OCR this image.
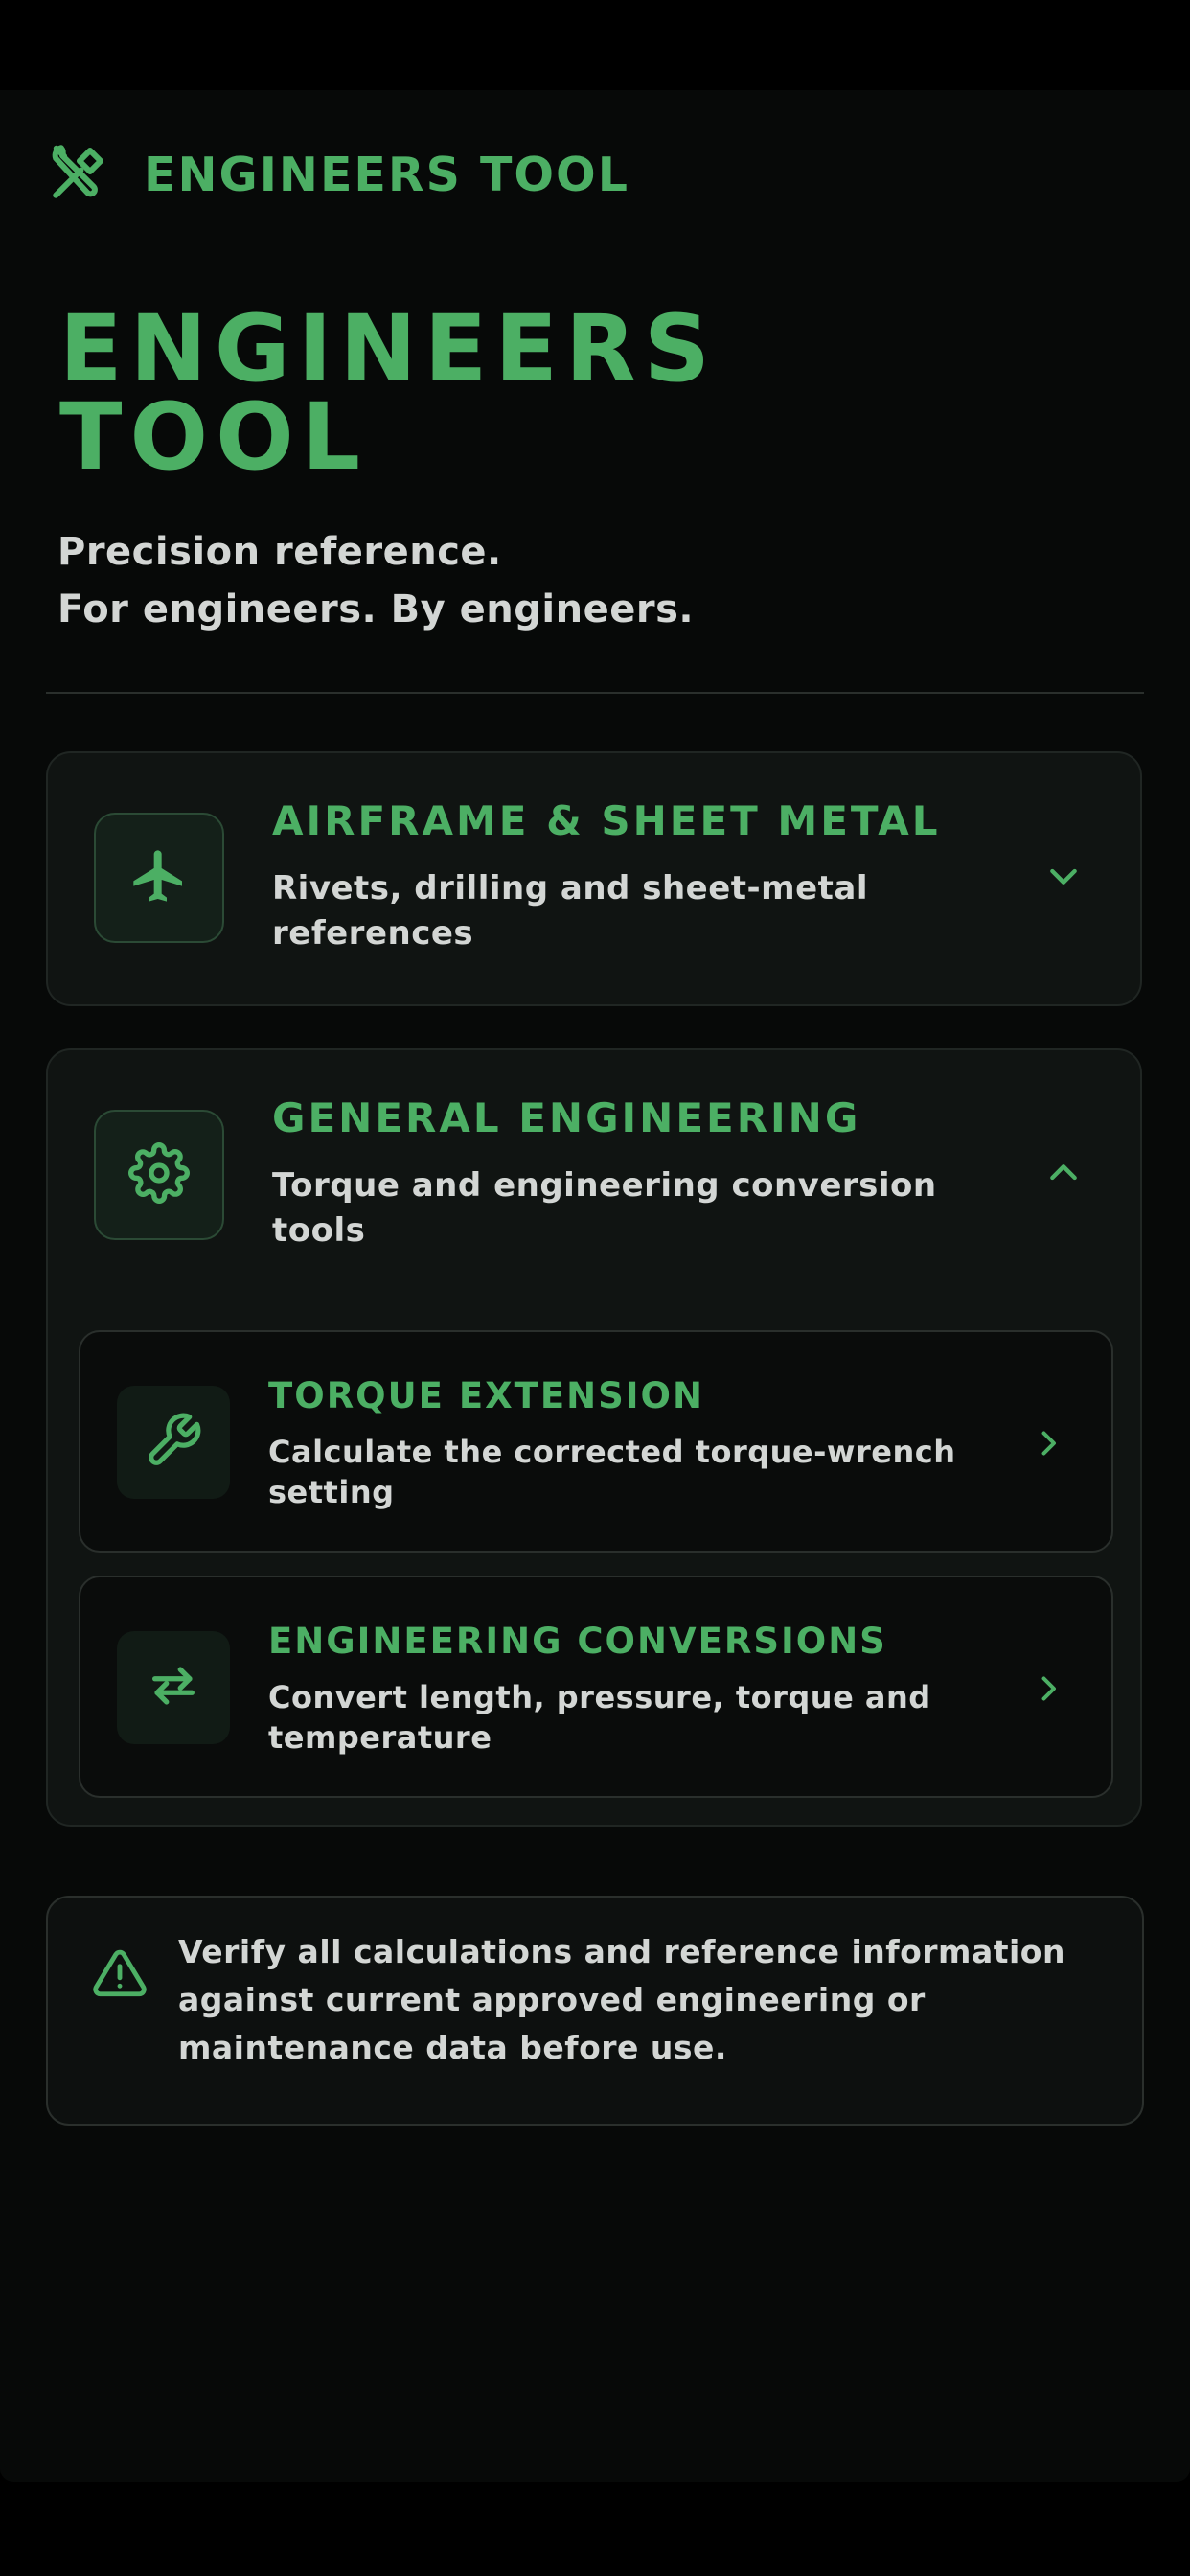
ENGINEERS TOOL
ENGINEERS
TOOL
Precision reference.
For engineers. By engineers.
AIRFRAME & SHEET METAL
Rivets, drilling and sheet-metal references
GENERAL ENGINEERING
Torque and engineering conversion tools
TORQUE EXTENSION
Calculate the corrected torque-wrench setting
ENGINEERING CONVERSIONS
Convert length, pressure, torque and temperature
Verify all calculations and reference information against current approved engineering or maintenance data before use.
